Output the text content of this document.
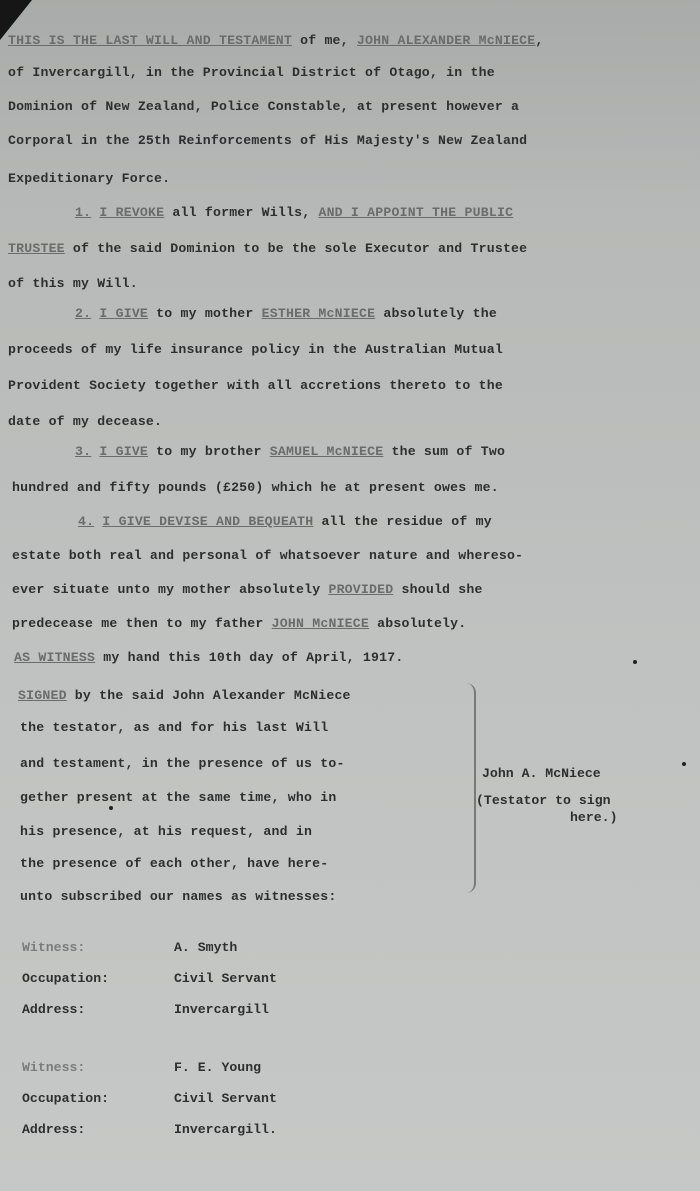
THIS IS THE LAST WILL AND TESTAMENT of me, JOHN ALEXANDER McNIECE,
of Invercargill, in the Provincial District of Otago, in the
Dominion of New Zealand, Police Constable, at present however a
Corporal in the 25th Reinforcements of His Majesty's New Zealand
Expeditionary Force.
1. I REVOKE all former Wills, AND I APPOINT THE PUBLIC
TRUSTEE of the said Dominion to be the sole Executor and Trustee
of this my Will.
2. I GIVE to my mother ESTHER McNIECE absolutely the
proceeds of my life insurance policy in the Australian Mutual
Provident Society together with all accretions thereto to the
date of my decease.
3. I GIVE to my brother SAMUEL McNIECE the sum of Two
hundred and fifty pounds (£250) which he at present owes me.
4. I GIVE DEVISE AND BEQUEATH all the residue of my
estate both real and personal of whatsoever nature and whereso-
ever situate unto my mother absolutely PROVIDED should she
predecease me then to my father JOHN McNIECE absolutely.
AS WITNESS my hand this 10th day of April, 1917.
SIGNED by the said John Alexander McNiece
the testator, as and for his last Will
and testament, in the presence of us to-
gether present at the same time, who in
his presence, at his request, and in
the presence of each other, have here-
unto subscribed our names as witnesses:
John A. McNiece
(Testator to sign
here.)
Witness:	A. Smyth
Occupation:	Civil Servant
Address:	Invercargill
Witness:	F. E. Young
Occupation:	Civil Servant
Address:	Invercargill.
